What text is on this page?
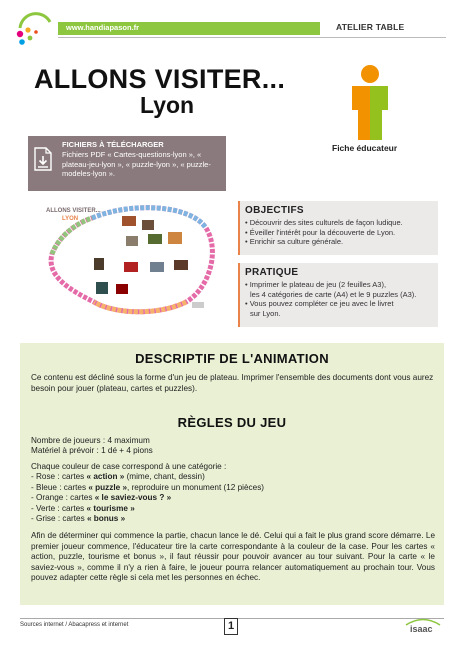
www.handiapason.fr	ATELIER TABLE
ALLONS VISITER...
Lyon
Fiche éducateur
FICHIERS À TÉLÉCHARGER
Fichiers PDF « Cartes-questions-lyon », « plateau-jeu-lyon », « puzzle-lyon », « puzzle-modeles-lyon ».
ALLONS VISITER...
LYON
OBJECTIFS
• Découvrir des sites culturels de façon ludique.
• Éveiller l'intérêt pour la découverte de Lyon.
• Enrichir sa culture générale.
PRATIQUE
• Imprimer le plateau de jeu (2 feuilles A3),
les 4 catégories de carte (A4) et le 9 puzzles (A3).
• Vous pouvez compléter ce jeu avec le livret
sur Lyon.
DESCRIPTIF DE L'ANIMATION
Ce contenu est décliné sous la forme d'un jeu de plateau. Imprimer l'ensemble des documents dont vous aurez besoin pour jouer (plateau, cartes et puzzles).
RÈGLES DU JEU
Nombre de joueurs : 4 maximum
Matériel à prévoir : 1 dé + 4 pions
Chaque couleur de case correspond à une catégorie :
- Rose : cartes « action » (mime, chant, dessin)
- Bleue : cartes « puzzle », reproduire un monument (12 pièces)
- Orange : cartes « le saviez-vous ? »
- Verte : cartes « tourisme »
- Grise : cartes « bonus »
Afin de déterminer qui commence la partie, chacun lance le dé. Celui qui a fait le plus grand score démarre. Le premier joueur commence, l'éducateur tire la carte correspondante à la couleur de la case. Pour les cartes « action, puzzle, tourisme et bonus », il faut réussir pour pouvoir avancer au tour suivant. Pour la carte « le saviez-vous », comme il n'y a rien à faire, le joueur pourra relancer automatiquement au prochain tour. Vous pouvez adapter cette règle si cela met les personnes en échec.
Sources internet / Abacapress et internet	1	isaac
